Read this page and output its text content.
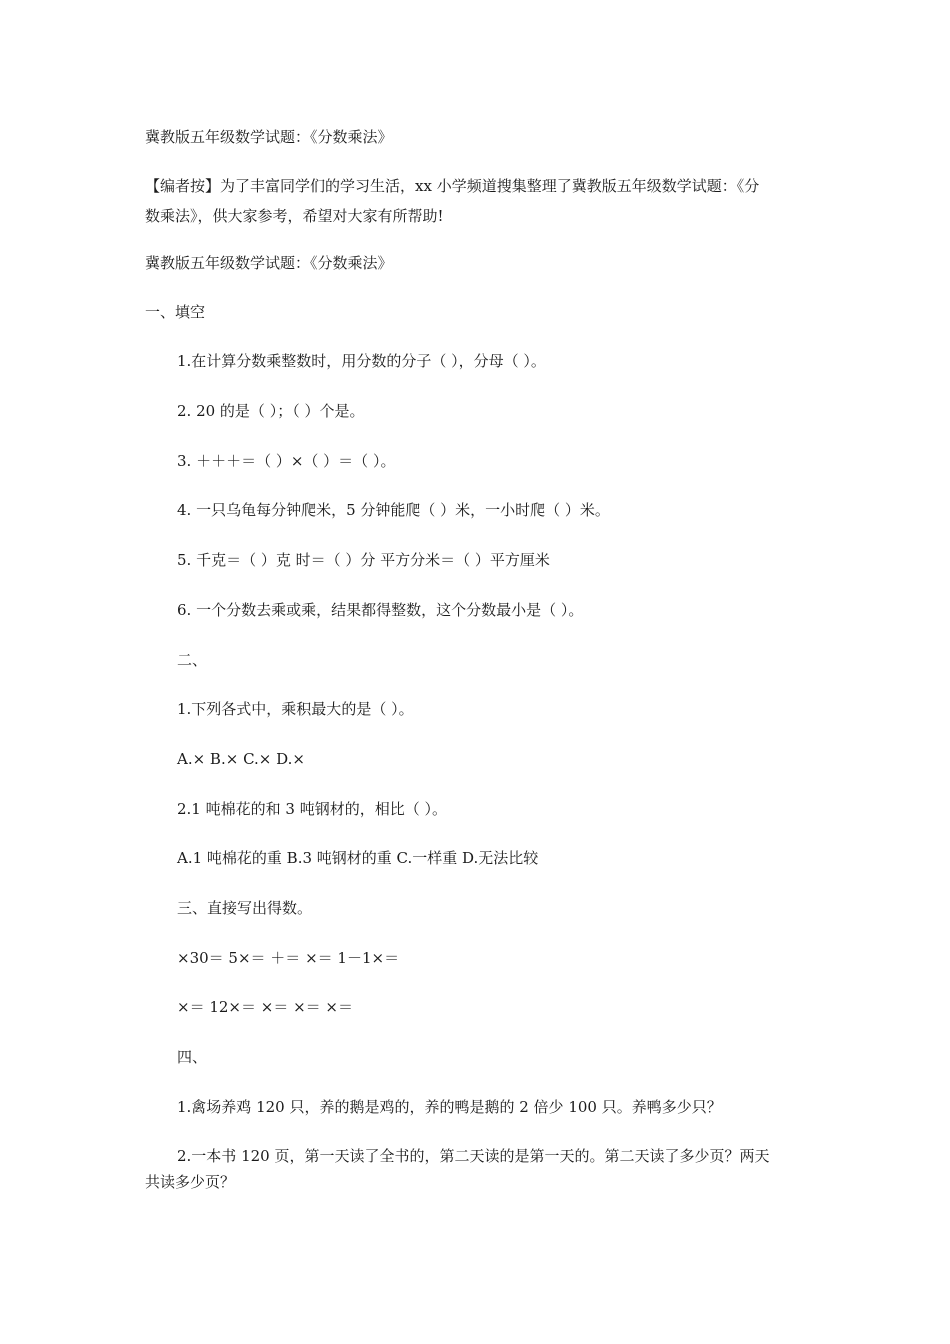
冀教版五年级数学试题：《分数乘法》
【编者按】为了丰富同学们的学习生活，xx 小学频道搜集整理了冀教版五年级数学试题：《分
数乘法》，供大家参考，希望对大家有所帮助!
冀教版五年级数学试题：《分数乘法》
一、填空
1.在计算分数乘整数时，用分数的分子（ ），分母（ ）。
2. 20 的是（ ）；（ ）个是。
3. ＋＋＋＝（ ）×（ ）＝（ ）。
4. 一只乌龟每分钟爬米，5 分钟能爬（ ）米，一小时爬（ ）米。
5. 千克＝（ ）克 时＝（ ）分 平方分米＝（ ）平方厘米
6. 一个分数去乘或乘，结果都得整数，这个分数最小是（ ）。
二、
1.下列各式中，乘积最大的是（ ）。
A.× B.× C.× D.×
2.1 吨棉花的和 3 吨钢材的，相比（ ）。
A.1 吨棉花的重 B.3 吨钢材的重 C.一样重 D.无法比较
三、直接写出得数。
×30＝ 5×＝ ＋＝ ×＝ 1－1×＝
×＝ 12×＝ ×＝ ×＝ ×＝
四、
1.禽场养鸡 120 只，养的鹅是鸡的，养的鸭是鹅的 2 倍少 100 只。养鸭多少只？
2.一本书 120 页，第一天读了全书的，第二天读的是第一天的。第二天读了多少页？两天
共读多少页？
